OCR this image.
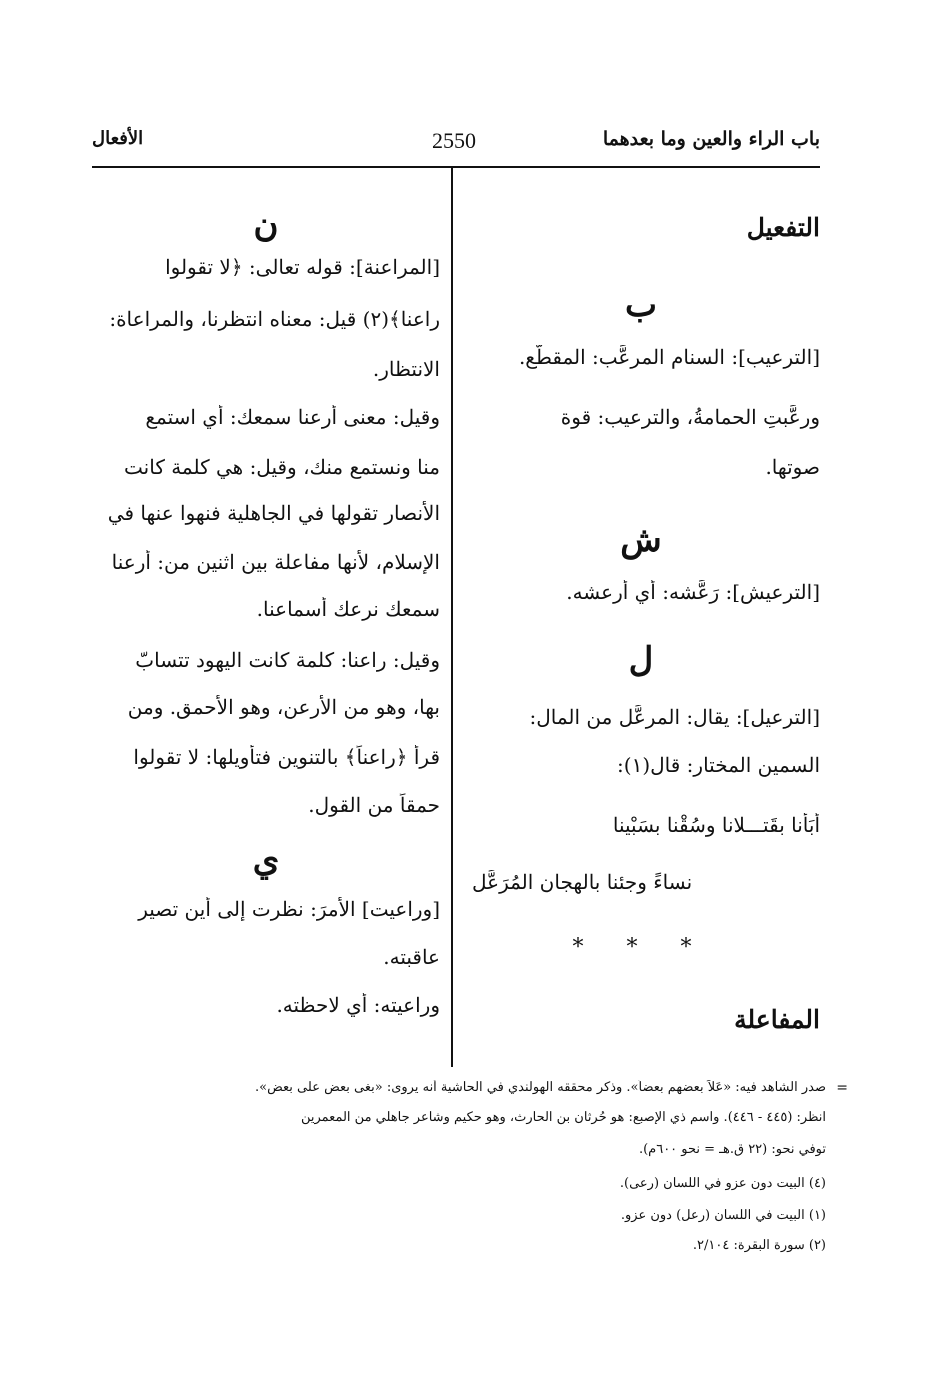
باب الراء والعين وما بعدهما
2550
الأفعال
التفعيل
ب
[الترعيب]: السنام المرعَّب: المقطَّع.
ورعَّبتِ الحمامةُ، والترعيب: قوة
صوتها.
ش
[الترعيش]: رَعَّشه: أي أرعشه.
ل
[الترعيل]: يقال: المرعَّل من المال:
السمين المختار: قال(١):
أَبَأْنا بقَتـــلانا وسُقْنا بسَبْينا
نساءً وجئنا بالهجانِ المُرَعَّلِ
* * *
المفاعلة
ن
[المراعنة]: قوله تعالى: ﴿لا تقولوا
راعنا﴾(٢) قيل: معناه انتظرنا، والمراعاة:
الانتظار.
وقيل: معنى أرعنا سمعك: أي استمع
منا ونستمع منك، وقيل: هي كلمة كانت
الأنصار تقولها في الجاهلية فنهوا عنها في
الإسلام، لأنها مفاعلة بين اثنين من: أرعنا
سمعك نرعك أسماعنا.
وقيل: راعنا: كلمة كانت اليهود تتسابّ
بها، وهو من الأرعن، وهو الأحمق. ومن
قرأ ﴿راعناً﴾ بالتنوين فتأويلها: لا تقولوا
حمقاً من القول.
ي
[وراعيت] الأمرَ: نظرت إلى أين تصير
عاقبته.
وراعيته: أي لاحظته.
=
صدر الشاهد فيه: «عَلاً بعضهم بعضاً». وذكر محققه الهولندي في الحاشية أنه يروى: «بغى بعض على بعض».
انظر: (٤٤٥ - ٤٤٦). واسم ذي الإصبع: هو حُرثان بن الحارث، وهو حكيم وشاعر جاهلي من المعمرين
توفي نحو: (٢٢ ق.هـ = نحو ٦٠٠م).
(٤) البيت دون عزو في اللسان (رعى).
(١) البيت في اللسان (رعل) دون عزو.
(٢) سورة البقرة: ٢/١٠٤.
